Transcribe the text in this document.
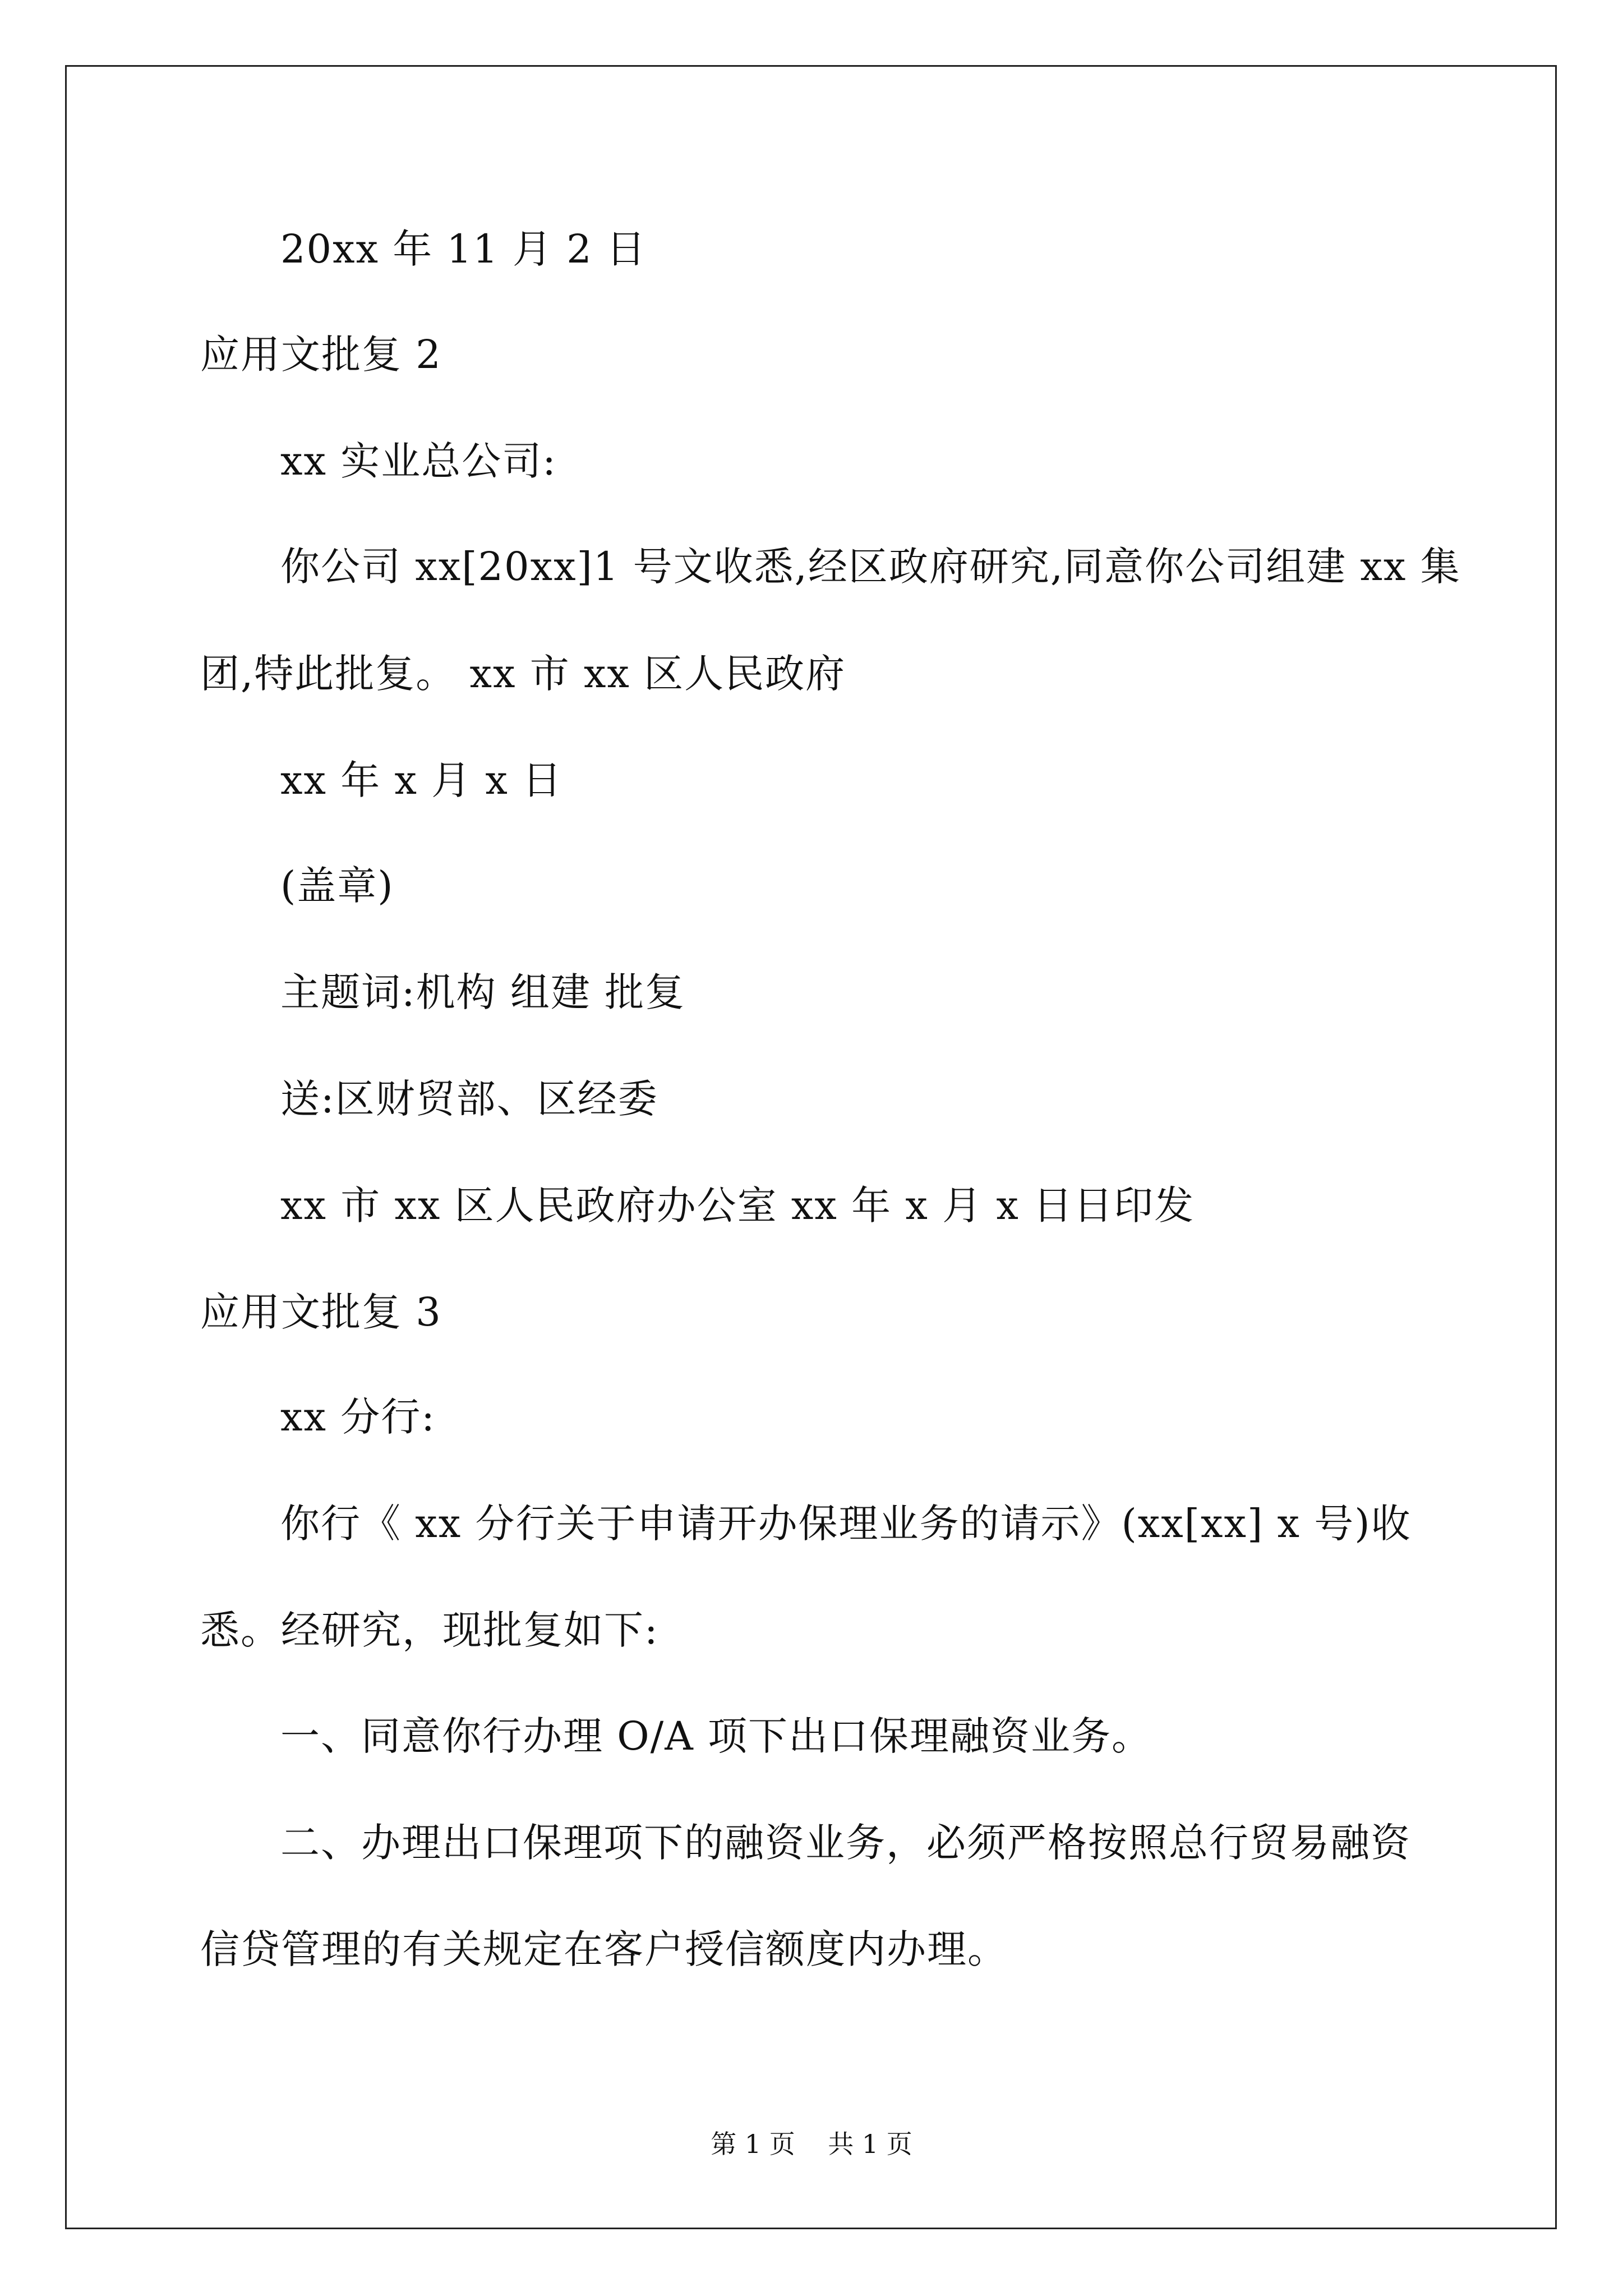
20xx 年 11 月 2 日
应用文批复 2
xx 实业总公司:
你公司 xx[20xx]1 号文收悉,经区政府研究,同意你公司组建 xx 集
团,特此批复。 xx 市 xx 区人民政府
xx 年 x 月 x 日
(盖章)
主题词:机构 组建 批复
送:区财贸部、区经委
xx 市 xx 区人民政府办公室 xx 年 x 月 x 日日印发
应用文批复 3
xx 分行:
你行《 xx 分行关于申请开办保理业务的请示》(xx[xx] x 号)收
悉。经研究，现批复如下:
一、同意你行办理 O/A 项下出口保理融资业务。
二、办理出口保理项下的融资业务，必须严格按照总行贸易融资
信贷管理的有关规定在客户授信额度内办理。
第 1 页    共 1 页
